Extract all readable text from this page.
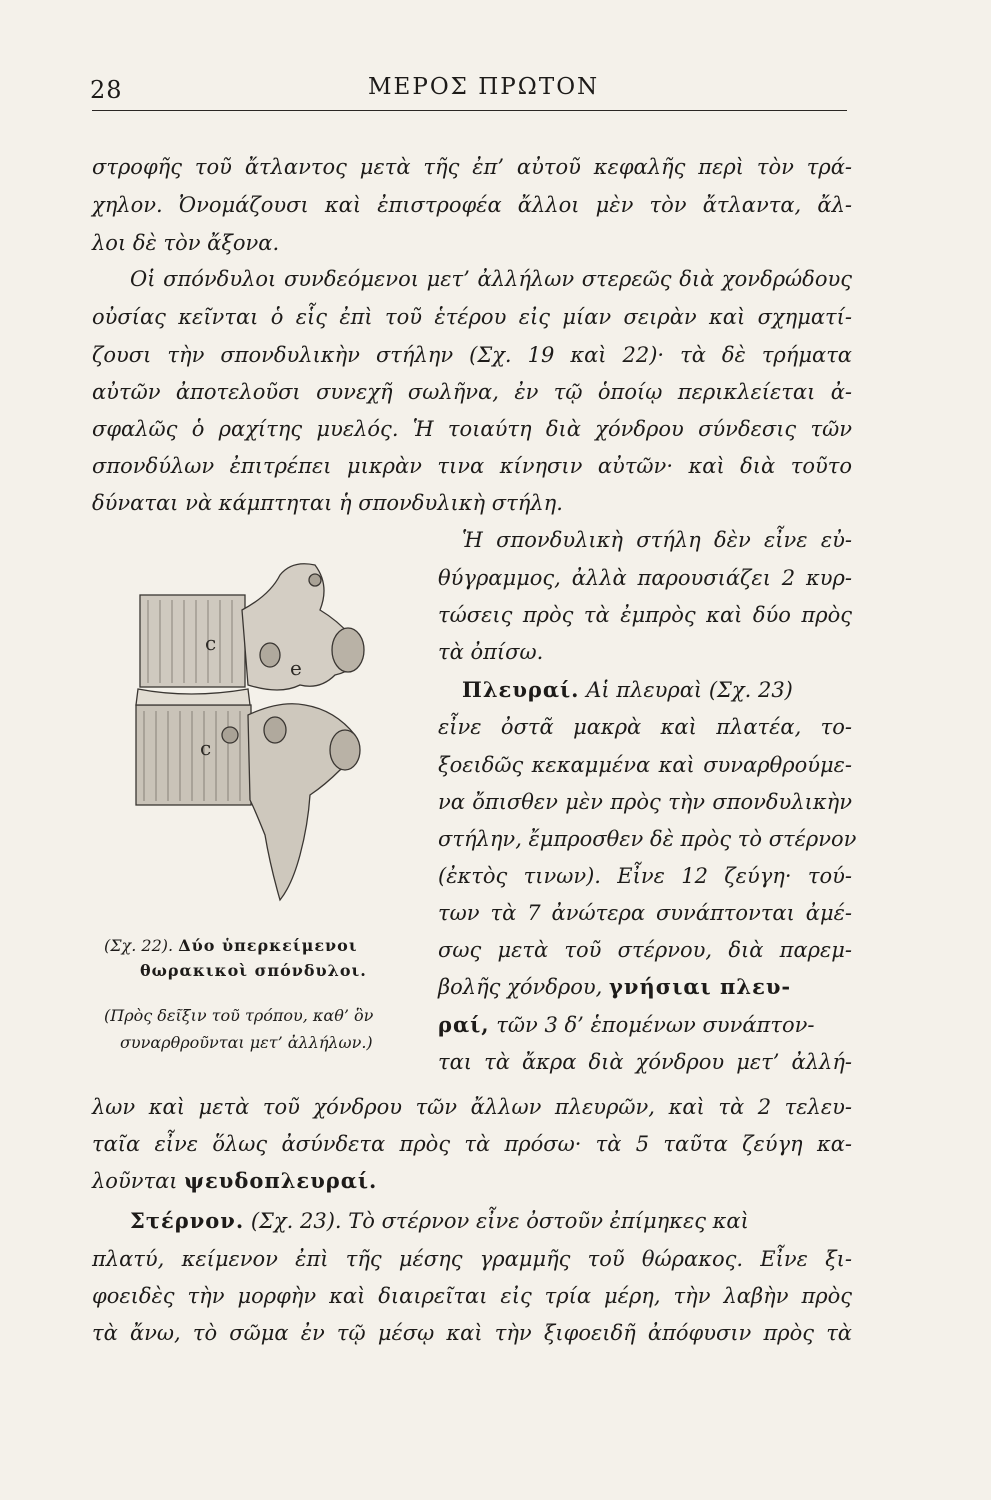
28	ΜΕΡΟΣ ΠΡΩΤΟΝ
στροφῆς τοῦ ἄτλαντος μετὰ τῆς ἐπ’ αὐτοῦ κεφαλῆς περὶ τὸν τρά-
χηλον. Ὀνομάζουσι καὶ ἐπιστροφέα ἄλλοι μὲν τὸν ἄτλαντα, ἄλ-
λοι δὲ τὸν ἄξονα.
Οἱ σπόνδυλοι συνδεόμενοι μετ’ ἀλλήλων στερεῶς διὰ χονδρώδους
οὐσίας κεῖνται ὁ εἷς ἐπὶ τοῦ ἑτέρου εἰς μίαν σειρὰν καὶ σχηματί-
ζουσι τὴν σπονδυλικὴν στήλην (Σχ. 19 καὶ 22)· τὰ δὲ τρήματα
αὐτῶν ἀποτελοῦσι συνεχῆ σωλῆνα, ἐν τῷ ὁποίῳ περικλείεται ἀ-
σφαλῶς ὁ ραχίτης μυελός. Ἡ τοιαύτη διὰ χόνδρου σύνδεσις τῶν
σπονδύλων ἐπιτρέπει μικρὰν τινα κίνησιν αὐτῶν· καὶ διὰ τοῦτο
δύναται νὰ κάμπτηται ἡ σπονδυλικὴ στήλη.
c
c
e
Ἡ σπονδυλικὴ στήλη δὲν εἶνε εὐ-
θύγραμμος, ἀλλὰ παρουσιάζει 2 κυρ-
τώσεις πρὸς τὰ ἐμπρὸς καὶ δύο πρὸς
τὰ ὀπίσω.
Πλευραί. Αἱ πλευραὶ (Σχ. 23)
εἶνε ὀστᾶ μακρὰ καὶ πλατέα, το-
ξοειδῶς κεκαμμένα καὶ συναρθρούμε-
να ὄπισθεν μὲν πρὸς τὴν σπονδυλικὴν
στήλην, ἔμπροσθεν δὲ πρὸς τὸ στέρνον
(ἐκτὸς τινων). Εἶνε 12 ζεύγη· τού-
των τὰ 7 ἀνώτερα συνάπτονται ἀμέ-
σως μετὰ τοῦ στέρνου, διὰ παρεμ-
βολῆς χόνδρου, γνήσιαι πλευ-
ραί, τῶν 3 δ’ ἑπομένων συνάπτον-
ται τὰ ἄκρα διὰ χόνδρου μετ’ ἀλλή-
(Σχ. 22). Δύο ὑπερκείμενοι
θωρακικοὶ σπόνδυλοι.
(Πρὸς δεῖξιν τοῦ τρόπου, καθ’ ὃν
συναρθροῦνται μετ’ ἀλλήλων.)
λων καὶ μετὰ τοῦ χόνδρου τῶν ἄλλων πλευρῶν, καὶ τὰ 2 τελευ-
ταῖα εἶνε ὅλως ἀσύνδετα πρὸς τὰ πρόσω· τὰ 5 ταῦτα ζεύγη κα-
λοῦνται ψευδοπλευραί.
Στέρνον. (Σχ. 23). Τὸ στέρνον εἶνε ὀστοῦν ἐπίμηκες καὶ
πλατύ, κείμενον ἐπὶ τῆς μέσης γραμμῆς τοῦ θώρακος. Εἶνε ξι-
φοειδὲς τὴν μορφὴν καὶ διαιρεῖται εἰς τρία μέρη, τὴν λαβὴν πρὸς
τὰ ἄνω, τὸ σῶμα ἐν τῷ μέσῳ καὶ τὴν ξιφοειδῆ ἀπόφυσιν πρὸς τὰ
